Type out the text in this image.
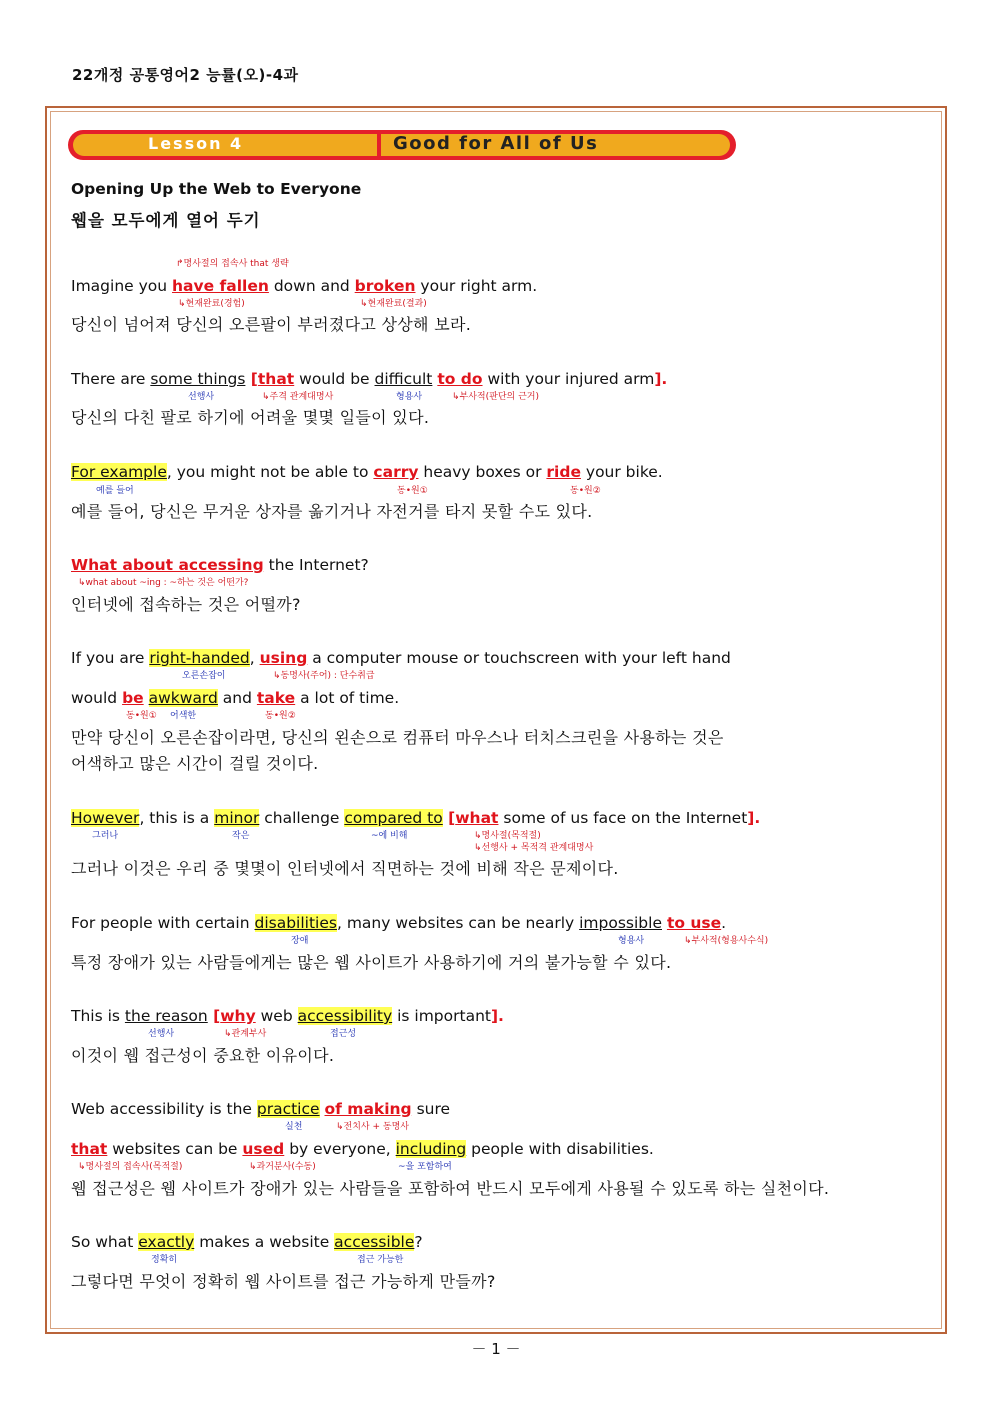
22개정 공통영어2 능률(오)-4과
Lesson 4	Good for All of Us
Opening Up the Web to Everyone
웹을 모두에게 열어 두기
↱명사절의 접속사 that 생략
Imagine you have fallen down and broken your right arm.
↳현재완료(경험)	↳현재완료(결과)
당신이 넘어져 당신의 오른팔이 부러졌다고 상상해 보라.
There are some things [that would be difficult to do with your injured arm].
선행사	↳주격 관계대명사	형용사	↳부사적(판단의 근거)
당신의 다친 팔로 하기에 어려울 몇몇 일들이 있다.
For example, you might not be able to carry heavy boxes or ride your bike.
예를 들어	동•원①	동•원②
예를 들어, 당신은 무거운 상자를 옮기거나 자전거를 타지 못할 수도 있다.
What about accessing the Internet?
↳what about ~ing : ~하는 것은 어떤가?
인터넷에 접속하는 것은 어떨까?
If you are right-handed, using a computer mouse or touchscreen with your left hand
오른손잡이	↳동명사(주어) : 단수취급
would be awkward and take a lot of time.
동•원① 어색한	동•원②
만약 당신이 오른손잡이라면, 당신의 왼손으로 컴퓨터 마우스나 터치스크린을 사용하는 것은
어색하고 많은 시간이 걸릴 것이다.
However, this is a minor challenge compared to [what some of us face on the Internet].
그러나	작은	~에 비해	↳명사절(목적절)
↳선행사 + 목적격 관계대명사
그러나 이것은 우리 중 몇몇이 인터넷에서 직면하는 것에 비해 작은 문제이다.
For people with certain disabilities, many websites can be nearly impossible to use.
장애	형용사	↳부사적(형용사수식)
특정 장애가 있는 사람들에게는 많은 웹 사이트가 사용하기에 거의 불가능할 수 있다.
This is the reason [why web accessibility is important].
선행사	↳관계부사	접근성
이것이 웹 접근성이 중요한 이유이다.
Web accessibility is the practice of making sure
실천	↳전치사 + 동명사
that websites can be used by everyone, including people with disabilities.
↳명사절의 접속사(목적절)	↳과거분사(수동)	~을 포함하여
웹 접근성은 웹 사이트가 장애가 있는 사람들을 포함하여 반드시 모두에게 사용될 수 있도록 하는 실천이다.
So what exactly makes a website accessible?
정확히	접근 가능한
그렇다면 무엇이 정확히 웹 사이트를 접근 가능하게 만들까?
－ 1 －
